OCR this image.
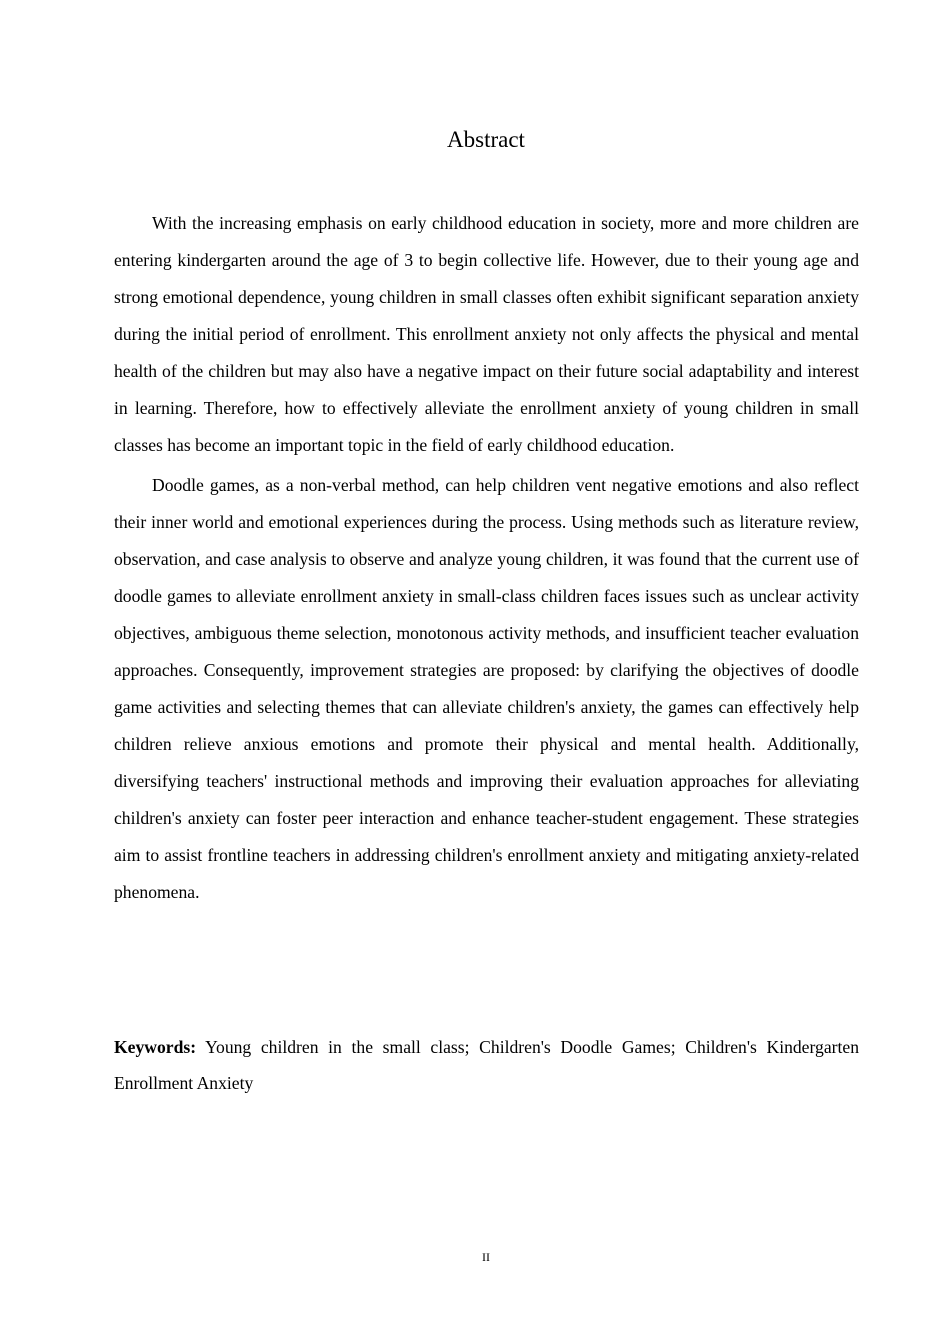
Abstract

With the increasing emphasis on early childhood education in society, more and more children are entering kindergarten around the age of 3 to begin collective life. However, due to their young age and strong emotional dependence, young children in small classes often exhibit significant separation anxiety during the initial period of enrollment. This enrollment anxiety not only affects the physical and mental health of the children but may also have a negative impact on their future social adaptability and interest in learning. Therefore, how to effectively alleviate the enrollment anxiety of young children in small classes has become an important topic in the field of early childhood education.

Doodle games, as a non-verbal method, can help children vent negative emotions and also reflect their inner world and emotional experiences during the process. Using methods such as literature review, observation, and case analysis to observe and analyze young children, it was found that the current use of doodle games to alleviate enrollment anxiety in small-class children faces issues such as unclear activity objectives, ambiguous theme selection, monotonous activity methods, and insufficient teacher evaluation approaches. Consequently, improvement strategies are proposed: by clarifying the objectives of doodle game activities and selecting themes that can alleviate children's anxiety, the games can effectively help children relieve anxious emotions and promote their physical and mental health. Additionally, diversifying teachers' instructional methods and improving their evaluation approaches for alleviating children's anxiety can foster peer interaction and enhance teacher-student engagement. These strategies aim to assist frontline teachers in addressing children's enrollment anxiety and mitigating anxiety-related phenomena.

Keywords: Young children in the small class; Children's Doodle Games; Children's Kindergarten Enrollment Anxiety

II
